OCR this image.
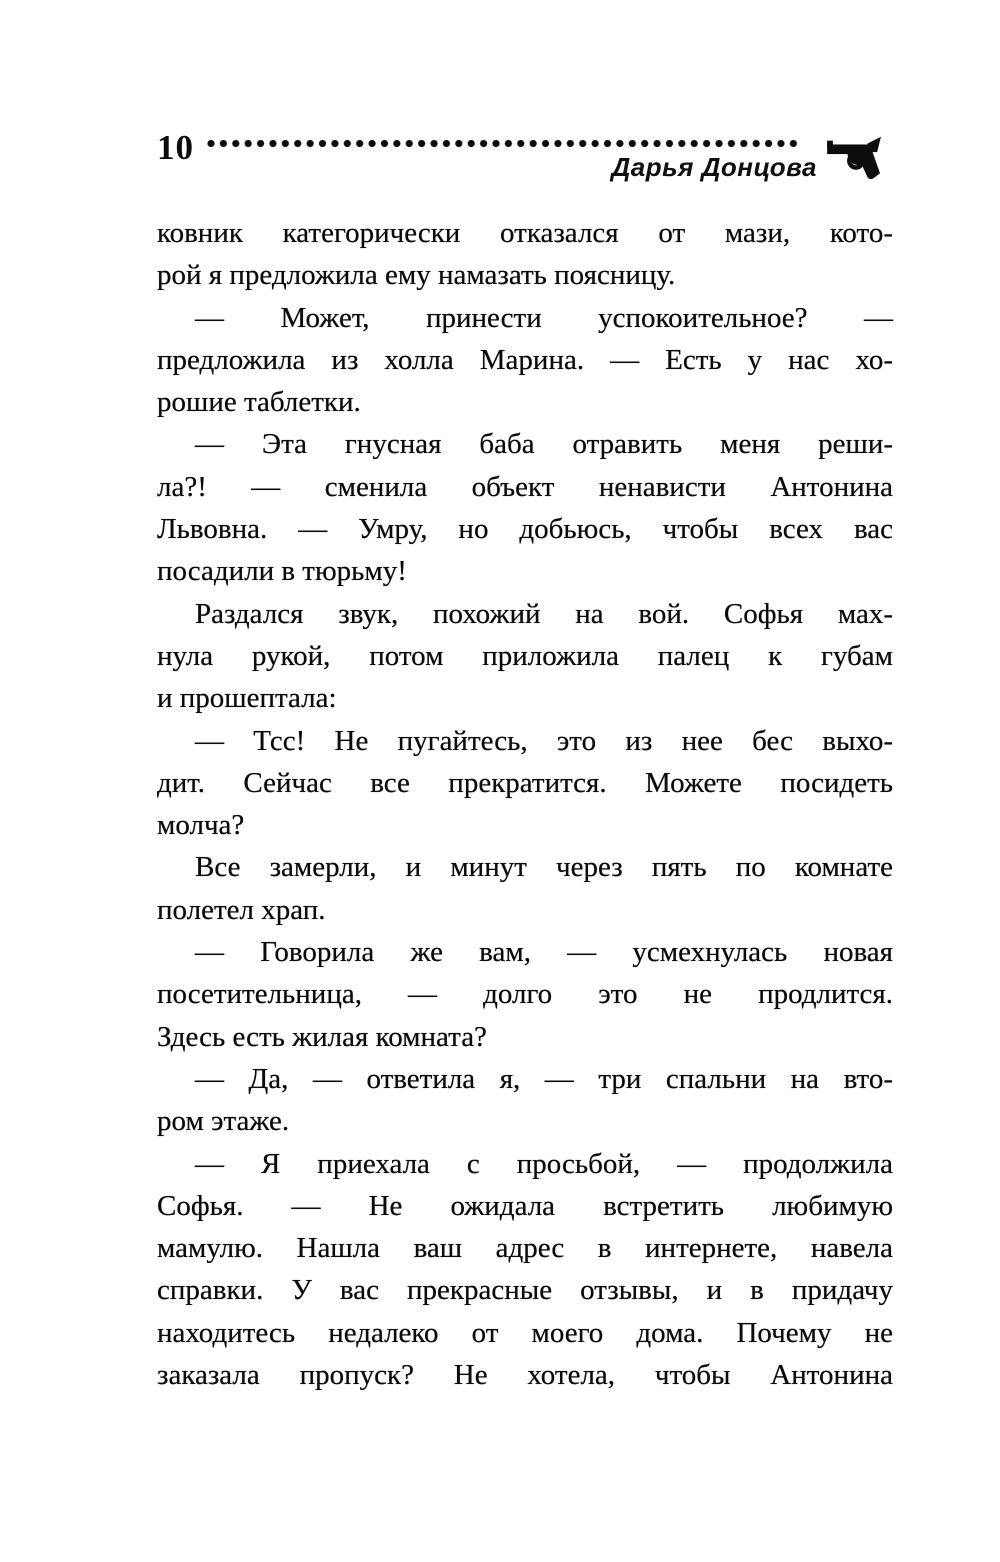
10	Дарья Донцова
ковник категорически отказался от мази, кото-
рой я предложила ему намазать поясницу.
— Может, принести успокоительное? —
предложила из холла Марина. — Есть у нас хо-
рошие таблетки.
— Эта гнусная баба отравить меня реши-
ла?! — сменила объект ненависти Антонина
Львовна. — Умру, но добьюсь, чтобы всех вас
посадили в тюрьму!
Раздался звук, похожий на вой. Софья мах-
нула рукой, потом приложила палец к губам
и прошептала:
— Тсс! Не пугайтесь, это из нее бес выхо-
дит. Сейчас все прекратится. Можете посидеть
молча?
Все замерли, и минут через пять по комнате
полетел храп.
— Говорила же вам, — усмехнулась новая
посетительница, — долго это не продлится.
Здесь есть жилая комната?
— Да, — ответила я, — три спальни на вто-
ром этаже.
— Я приехала с просьбой, — продолжила
Софья. — Не ожидала встретить любимую
мамулю. Нашла ваш адрес в интернете, навела
справки. У вас прекрасные отзывы, и в придачу
находитесь недалеко от моего дома. Почему не
заказала пропуск? Не хотела, чтобы Антонина
